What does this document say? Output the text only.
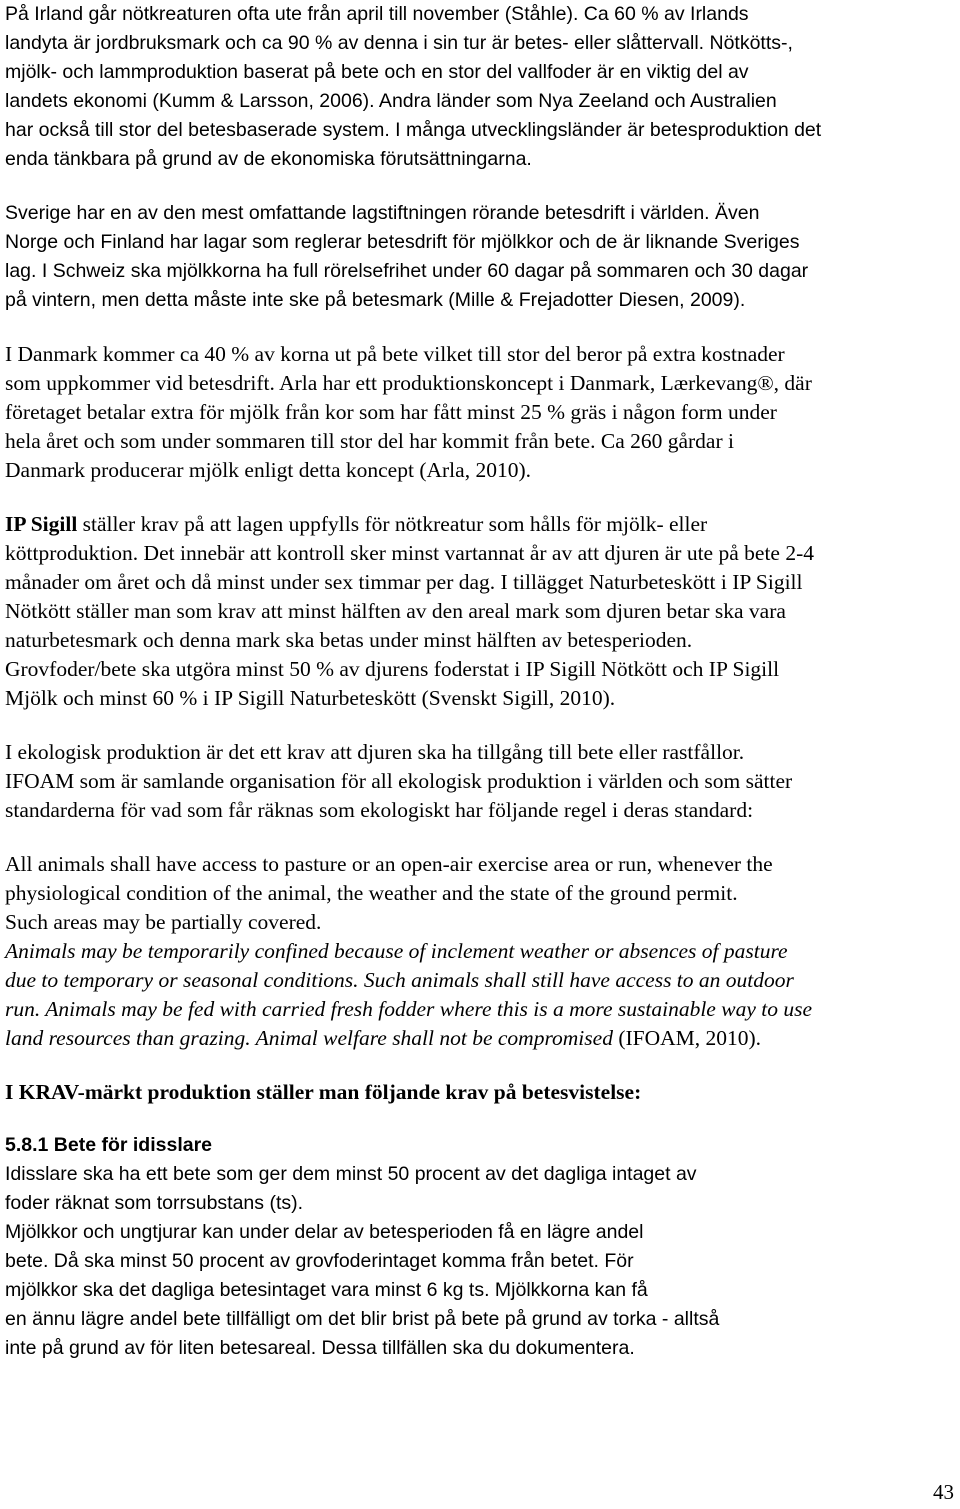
På Irland går nötkreaturen ofta ute från april till november (Ståhle). Ca 60 % av Irlands
landyta är jordbruksmark och ca 90 % av denna i sin tur är betes- eller slåttervall. Nötkötts-,
mjölk- och lammproduktion baserat på bete och en stor del vallfoder är en viktig del av
landets ekonomi (Kumm & Larsson, 2006). Andra länder som Nya Zeeland och Australien
har också till stor del betesbaserade system. I många utvecklingsländer är betesproduktion det
enda tänkbara på grund av de ekonomiska förutsättningarna.
Sverige har en av den mest omfattande lagstiftningen rörande betesdrift i världen. Även
Norge och Finland har lagar som reglerar betesdrift för mjölkkor och de är liknande Sveriges
lag. I Schweiz ska mjölkkorna ha full rörelsefrihet under 60 dagar på sommaren och 30 dagar
på vintern, men detta måste inte ske på betesmark (Mille & Frejadotter Diesen, 2009).
I Danmark kommer ca 40 % av korna ut på bete vilket till stor del beror på extra kostnader
som uppkommer vid betesdrift. Arla har ett produktionskoncept i Danmark, Lærkevang®, där
företaget betalar extra för mjölk från kor som har fått minst 25 % gräs i någon form under
hela året och som under sommaren till stor del har kommit från bete. Ca 260 gårdar i
Danmark producerar mjölk enligt detta koncept (Arla, 2010).
IP Sigill ställer krav på att lagen uppfylls för nötkreatur som hålls för mjölk- eller
köttproduktion. Det innebär att kontroll sker minst vartannat år av att djuren är ute på bete 2-4
månader om året och då minst under sex timmar per dag. I tillägget Naturbeteskött i IP Sigill
Nötkött ställer man som krav att minst hälften av den areal mark som djuren betar ska vara
naturbetesmark och denna mark ska betas under minst hälften av betesperioden.
Grovfoder/bete ska utgöra minst 50 % av djurens foderstat i IP Sigill Nötkött och IP Sigill
Mjölk och minst 60 % i IP Sigill Naturbeteskött (Svenskt Sigill, 2010).
I ekologisk produktion är det ett krav att djuren ska ha tillgång till bete eller rastfållor.
IFOAM som är samlande organisation för all ekologisk produktion i världen och som sätter
standarderna för vad som får räknas som ekologiskt har följande regel i deras standard:
All animals shall have access to pasture or an open-air exercise area or run, whenever the
physiological condition of the animal, the weather and the state of the ground permit.
Such areas may be partially covered.
Animals may be temporarily confined because of inclement weather or absences of pasture
due to temporary or seasonal conditions. Such animals shall still have access to an outdoor
run. Animals may be fed with carried fresh fodder where this is a more sustainable way to use
land resources than grazing. Animal welfare shall not be compromised (IFOAM, 2010).
I KRAV-märkt produktion ställer man följande krav på betesvistelse:
5.8.1 Bete för idisslare
Idisslare ska ha ett bete som ger dem minst 50 procent av det dagliga intaget av
foder räknat som torrsubstans (ts).
Mjölkkor och ungtjurar kan under delar av betesperioden få en lägre andel
bete. Då ska minst 50 procent av grovfoderintaget komma från betet. För
mjölkkor ska det dagliga betesintaget vara minst 6 kg ts. Mjölkkorna kan få
en ännu lägre andel bete tillfälligt om det blir brist på bete på grund av torka - alltså
inte på grund av för liten betesareal. Dessa tillfällen ska du dokumentera.
43
